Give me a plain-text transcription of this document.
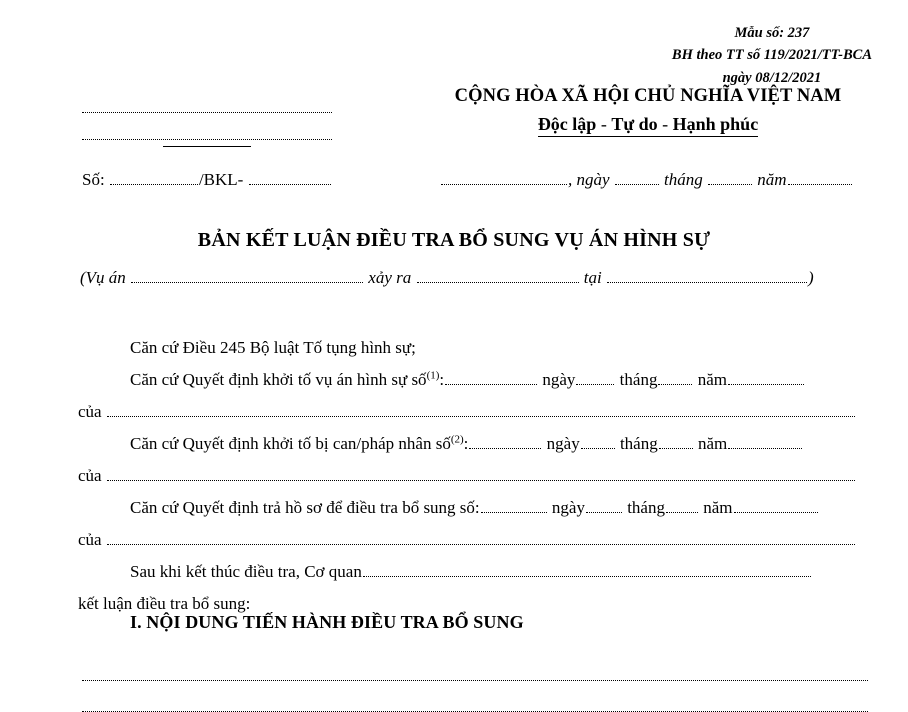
Mẫu số: 237
BH theo TT số 119/2021/TT-BCA
ngày 08/12/2021
CỘNG HÒA XÃ HỘI CHỦ NGHĨA VIỆT NAM
Độc lập - Tự do - Hạnh phúc
Số:	/BKL-	, ngày	tháng	năm
BẢN KẾT LUẬN ĐIỀU TRA BỔ SUNG VỤ ÁN HÌNH SỰ
(Vụ án	xảy ra	tại	)
Căn cứ Điều 245 Bộ luật Tố tụng hình sự;
Căn cứ Quyết định khởi tố vụ án hình sự số$^{(1)}$:	ngày	tháng năm
của
Căn cứ Quyết định khởi tố bị can/pháp nhân số$^{(2)}$:	ngày tháng năm
của
Căn cứ Quyết định trả hồ sơ để điều tra bổ sung số:	ngày tháng năm
của
Sau khi kết thúc điều tra, Cơ quan
kết luận điều tra bổ sung:
I. NỘI DUNG TIẾN HÀNH ĐIỀU TRA BỔ SUNG
